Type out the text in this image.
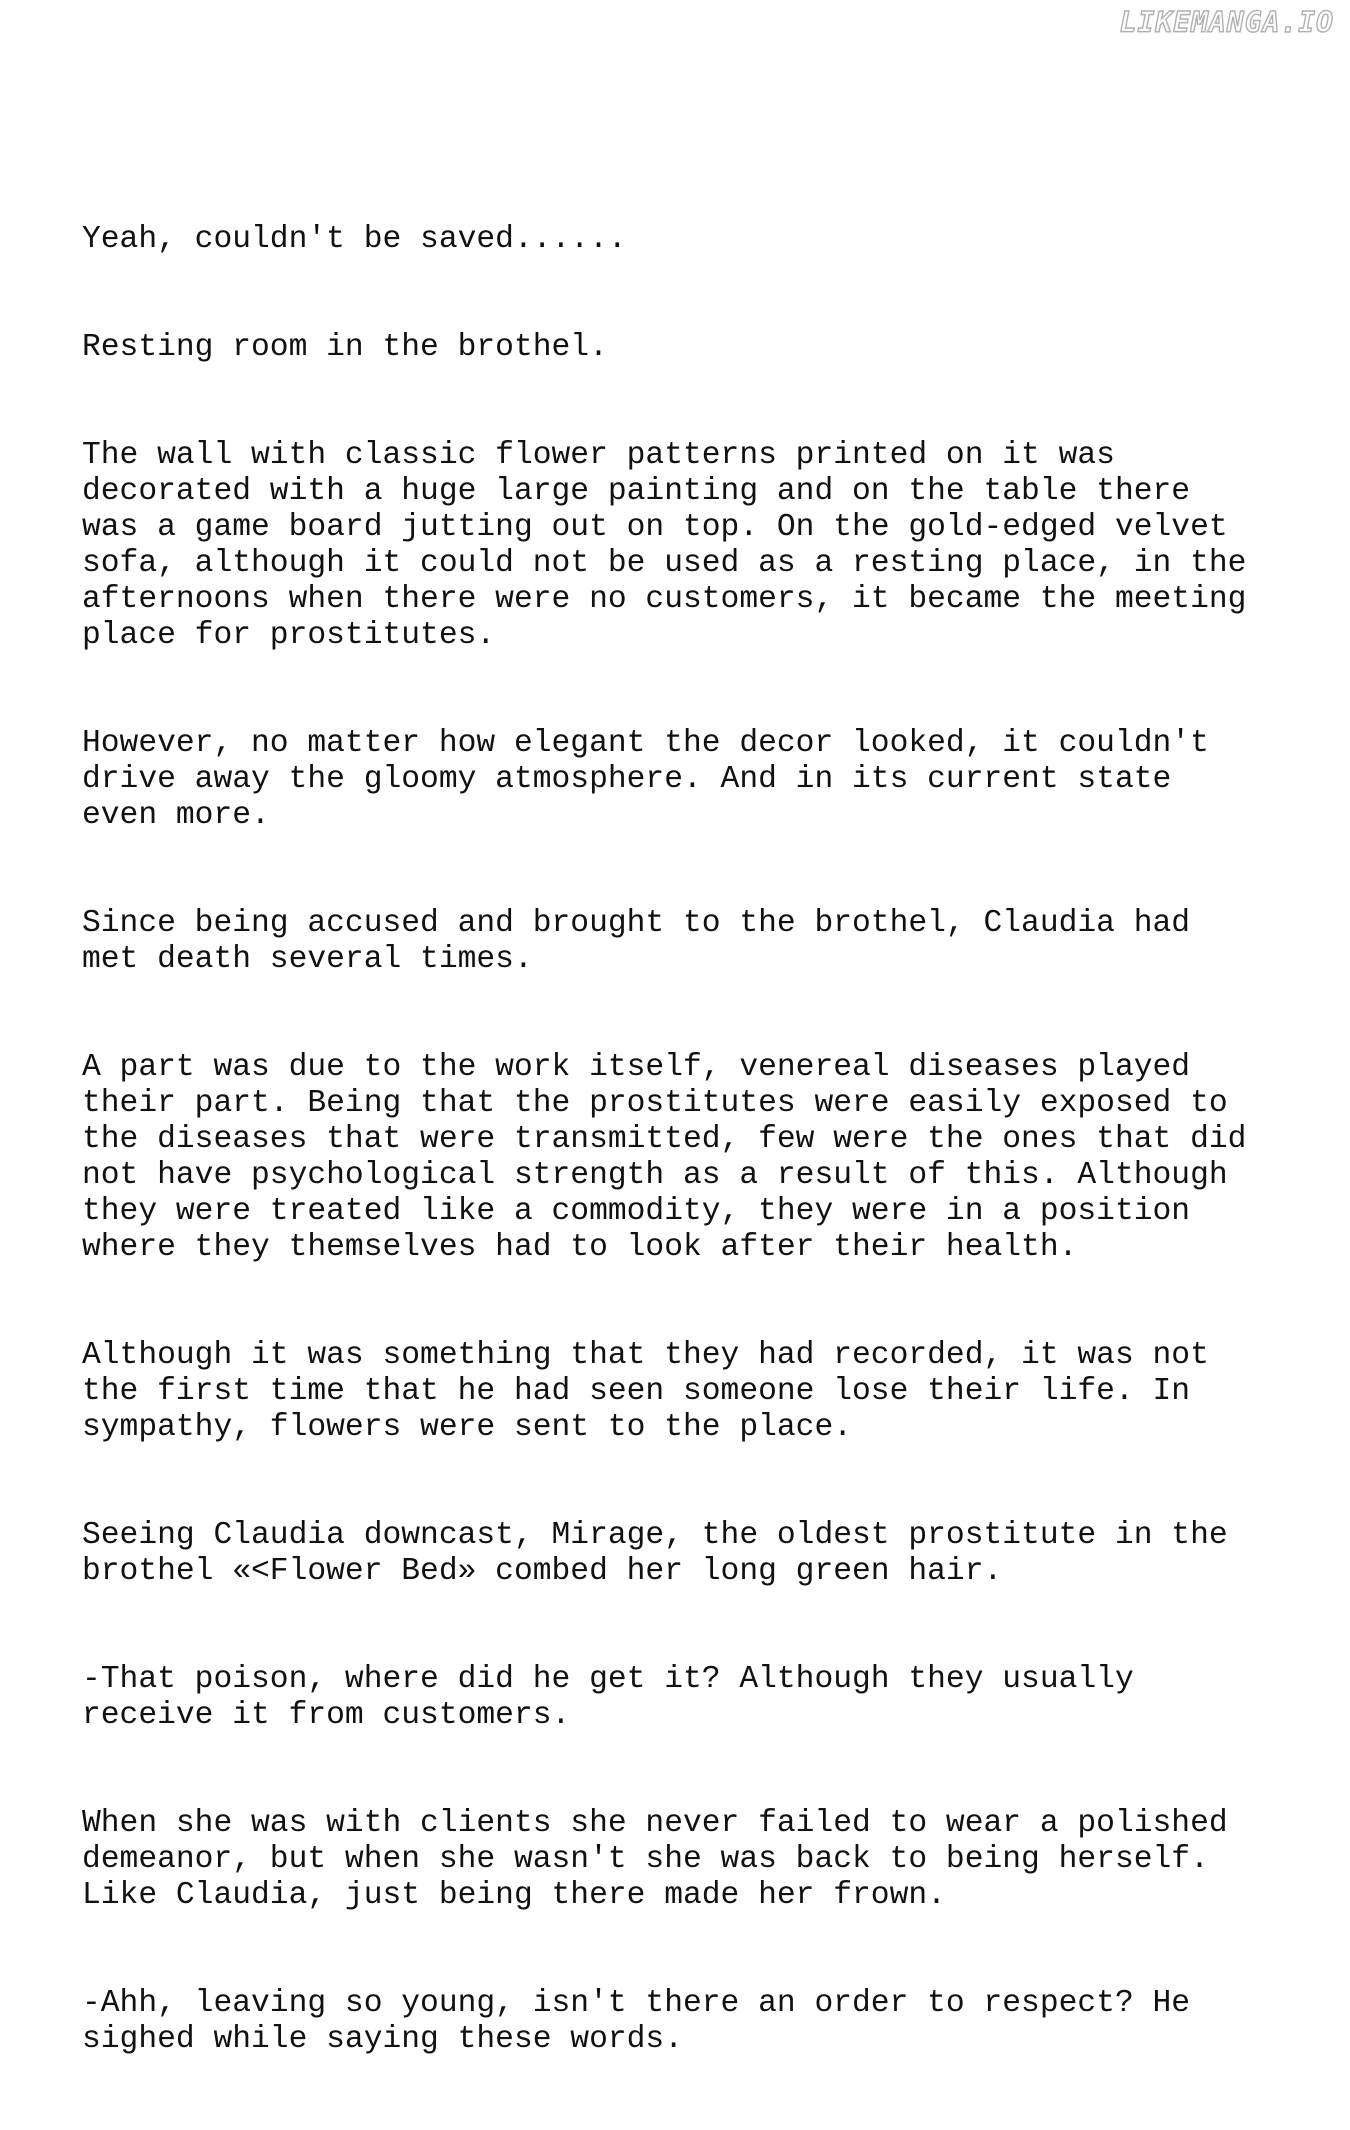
LIKEMANGA.IO

Yeah, couldn't be saved......

Resting room in the brothel.

The wall with classic flower patterns printed on it was
decorated with a huge large painting and on the table there
was a game board jutting out on top. On the gold-edged velvet
sofa, although it could not be used as a resting place, in the
afternoons when there were no customers, it became the meeting
place for prostitutes.

However, no matter how elegant the decor looked, it couldn't
drive away the gloomy atmosphere. And in its current state
even more.

Since being accused and brought to the brothel, Claudia had
met death several times.

A part was due to the work itself, venereal diseases played
their part. Being that the prostitutes were easily exposed to
the diseases that were transmitted, few were the ones that did
not have psychological strength as a result of this. Although
they were treated like a commodity, they were in a position
where they themselves had to look after their health.

Although it was something that they had recorded, it was not
the first time that he had seen someone lose their life. In
sympathy, flowers were sent to the place.

Seeing Claudia downcast, Mirage, the oldest prostitute in the
brothel «<Flower Bed» combed her long green hair.

-That poison, where did he get it? Although they usually
receive it from customers.

When she was with clients she never failed to wear a polished
demeanor, but when she wasn't she was back to being herself.
Like Claudia, just being there made her frown.

-Ahh, leaving so young, isn't there an order to respect? He
sighed while saying these words.
